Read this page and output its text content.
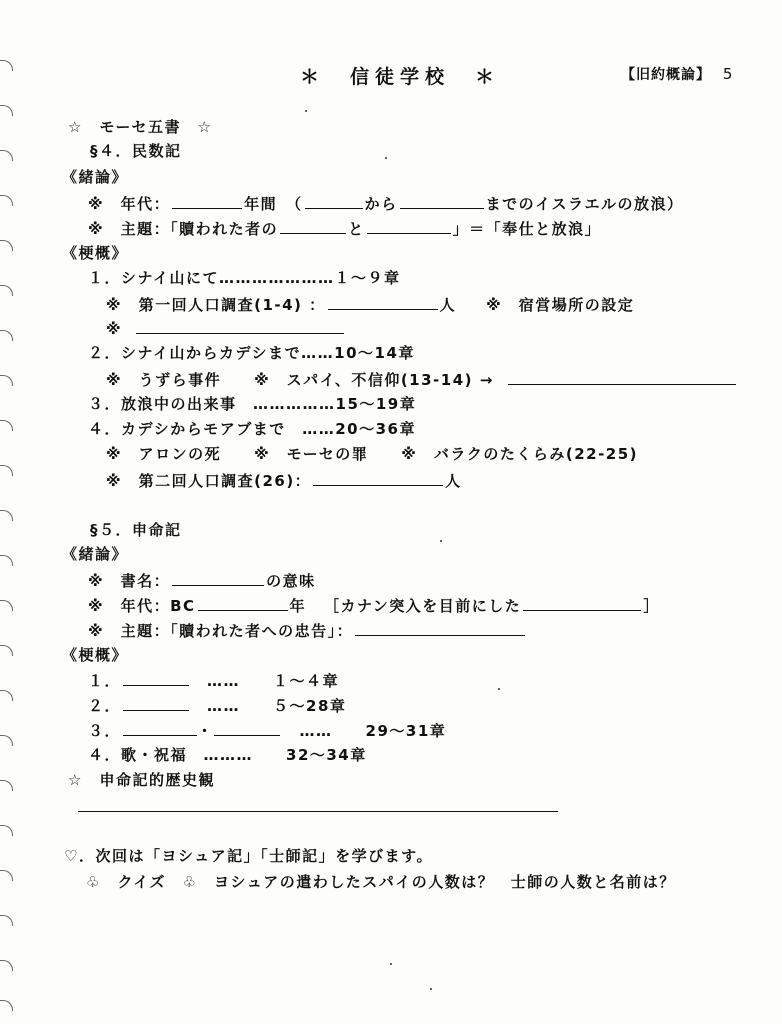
＊　信徒学校　＊	【旧約概論】 5
☆　モーセ五書　☆
§４．民数記
《緒論》
※　年代：	年間　（	から	までのイスラエルの放浪）
※　主題：「贖われた者の	と	」＝「奉仕と放浪」
《梗概》
１．シナイ山にて…………………１～９章
※　第一回人口調査(1-4) ：	人 ※　宿営場所の設定
※
２．シナイ山からカデシまで……10～14章
※　うずら事件　　※　スパイ、不信仰(13-14) →
３．放浪中の出来事　……………15～19章
４．カデシからモアブまで　……20～36章
※　アロンの死　　※　モーセの罪　　※　バラクのたくらみ(22-25)
※　第二回人口調査(26)：	人
§５．申命記
《緒論》
※　書名：	の意味
※　年代：BC	年 ［カナン突入を目前にした	］
※　主題：「贖われた者への忠告」：
《梗概》
１．	……　　１～４章
２．	……　　５～28章
３．	・	……　　29～31章
４．歌・祝福　………　　32～34章
☆　申命記的歴史観
♡．次回は「ヨシュア記」「士師記」を学びます。
♧　クイズ　♧　ヨシュアの遣わしたスパイの人数は？　士師の人数と名前は？
